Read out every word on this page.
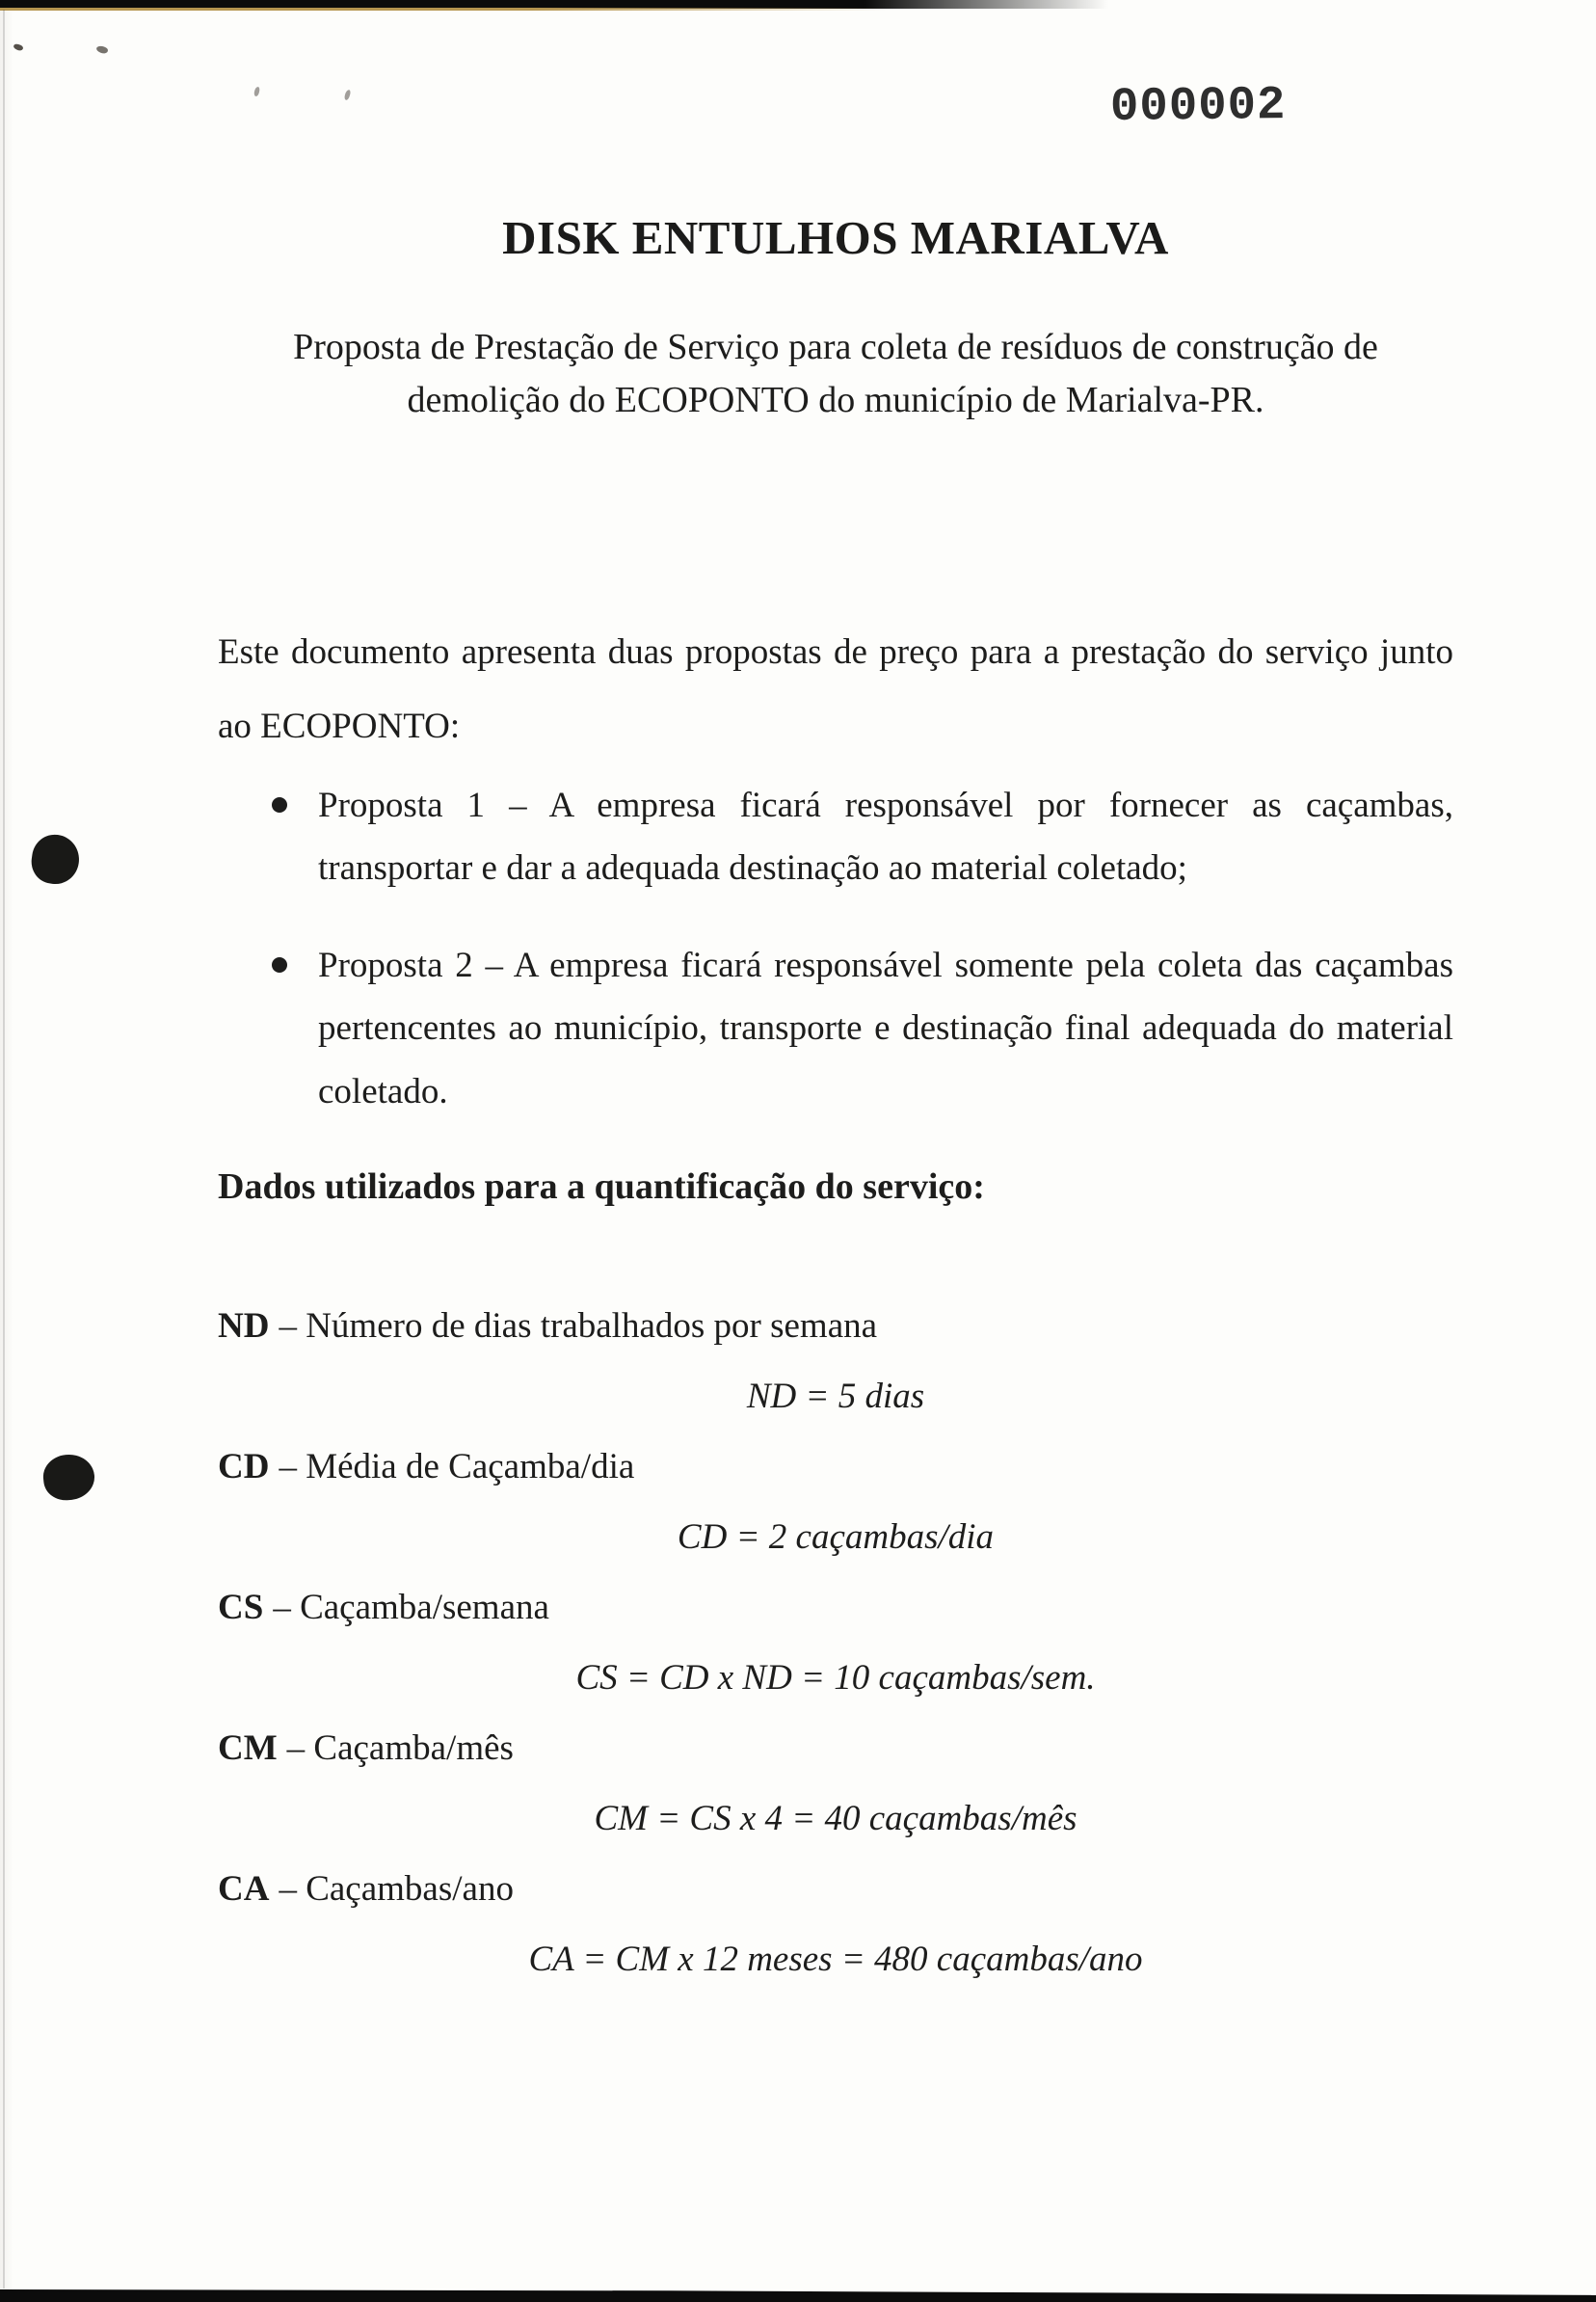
000002
DISK ENTULHOS MARIALVA

Proposta de Prestação de Serviço para coleta de resíduos de construção de demolição do ECOPONTO do município de Marialva-PR.

Este documento apresenta duas propostas de preço para a prestação do serviço junto ao ECOPONTO:

Proposta 1 – A empresa ficará responsável por fornecer as caçambas, transportar e dar a adequada destinação ao material coletado;
Proposta 2 – A empresa ficará responsável somente pela coleta das caçambas pertencentes ao município, transporte e destinação final adequada do material coletado.

Dados utilizados para a quantificação do serviço:

ND – Número de dias trabalhados por semana
ND = 5 dias
CD – Média de Caçamba/dia
CD = 2 caçambas/dia
CS – Caçamba/semana
CS = CD x ND = 10 caçambas/sem.
CM – Caçamba/mês
CM = CS x 4 = 40 caçambas/mês
CA – Caçambas/ano
CA = CM x 12 meses = 480 caçambas/ano
